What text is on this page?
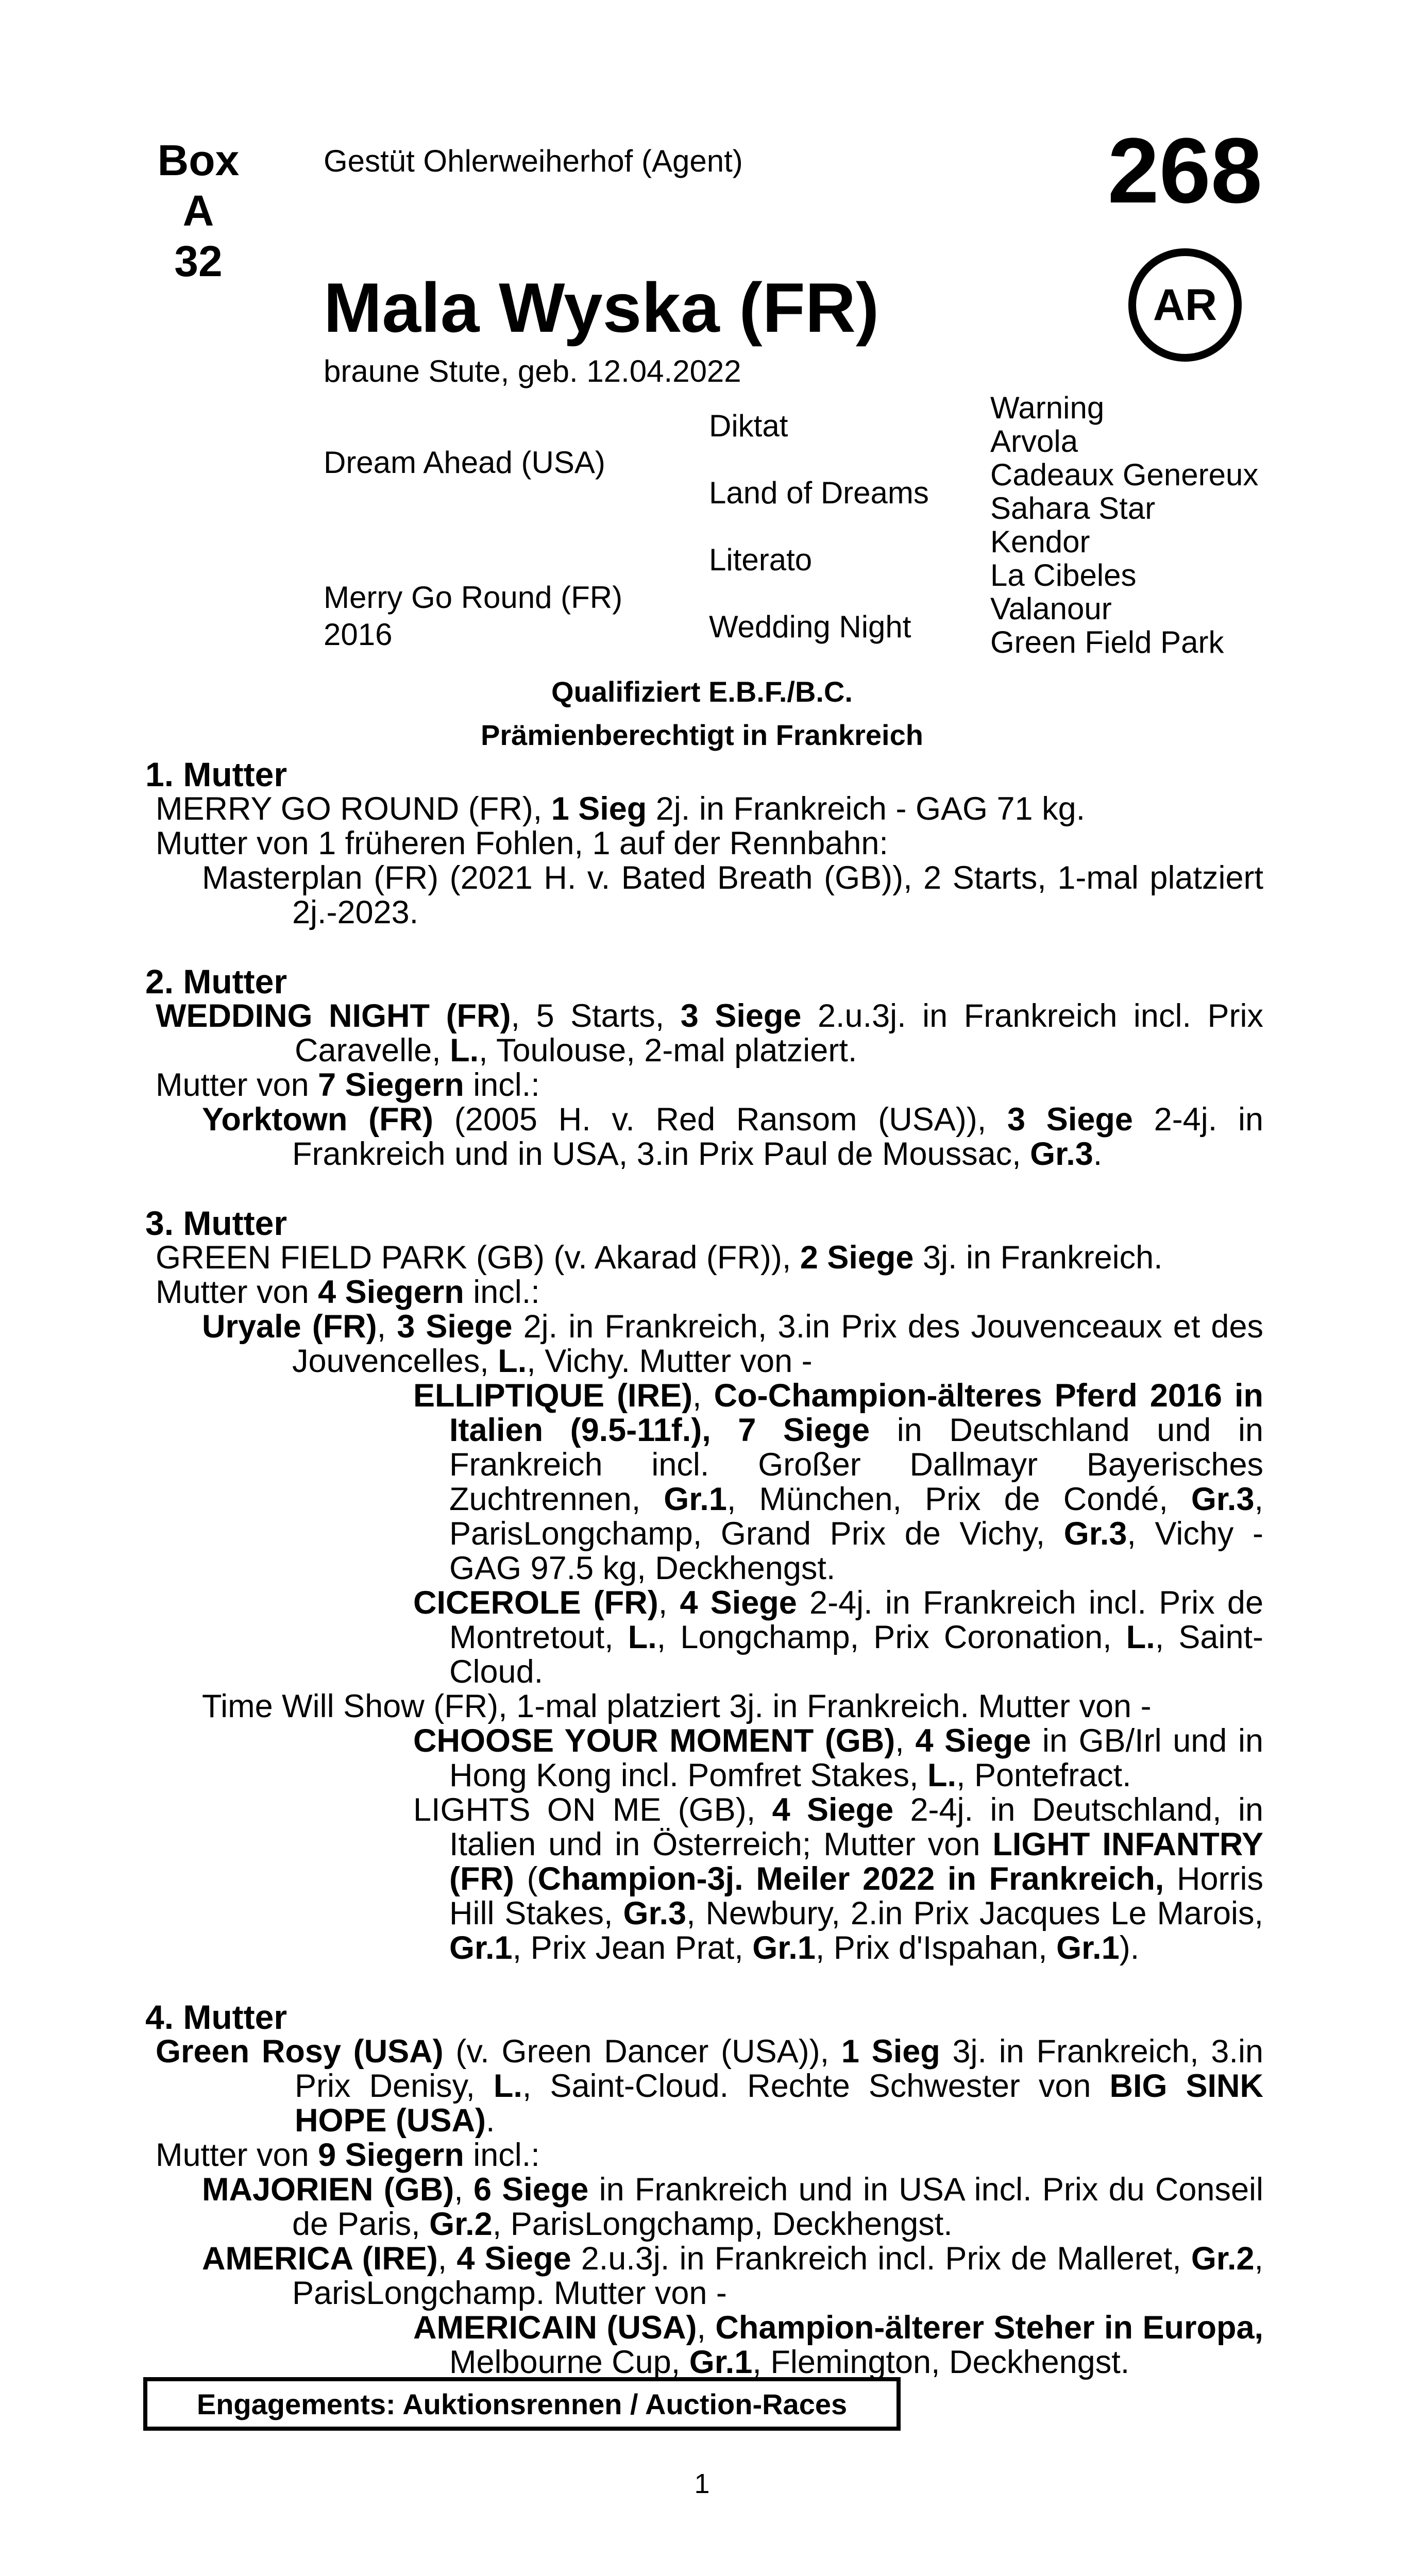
Box
A 32
Gestüt Ohlerweiherhof (Agent)	268
Mala Wyska (FR)	AR
braune Stute, geb. 12.04.2022
Dream Ahead (USA)
Merry Go Round (FR)
2016
Diktat
Land of Dreams
Literato
Wedding Night
Warning
Arvola
Cadeaux Genereux
Sahara Star
Kendor
La Cibeles
Valanour
Green Field Park
Qualifiziert E.B.F./B.C.
Prämienberechtigt in Frankreich
1. Mutter
MERRY GO ROUND (FR), 1 Sieg 2j. in Frankreich - GAG 71 kg.
Mutter von 1 früheren Fohlen, 1 auf der Rennbahn:
Masterplan (FR) (2021 H. v. Bated Breath (GB)), 2 Starts, 1-mal platziert 2j.-2023.
2. Mutter
WEDDING NIGHT (FR), 5 Starts, 3 Siege 2.u.3j. in Frankreich incl. Prix Caravelle, L., Toulouse, 2-mal platziert.
Mutter von 7 Siegern incl.:
Yorktown (FR) (2005 H. v. Red Ransom (USA)), 3 Siege 2-4j. in Frankreich und in USA, 3.in Prix Paul de Moussac, Gr.3.
3. Mutter
GREEN FIELD PARK (GB) (v. Akarad (FR)), 2 Siege 3j. in Frankreich.
Mutter von 4 Siegern incl.:
Uryale (FR), 3 Siege 2j. in Frankreich, 3.in Prix des Jouvenceaux et des Jouvencelles, L., Vichy. Mutter von -
ELLIPTIQUE (IRE), Co-Champion-älteres Pferd 2016 in Italien (9.5-11f.), 7 Siege in Deutschland und in Frankreich incl. Großer Dallmayr Bayerisches Zuchtrennen, Gr.1, München, Prix de Condé, Gr.3, ParisLongchamp, Grand Prix de Vichy, Gr.3, Vichy - GAG 97.5 kg, Deckhengst.
CICEROLE (FR), 4 Siege 2-4j. in Frankreich incl. Prix de Montretout, L., Longchamp, Prix Coronation, L., Saint-Cloud.
Time Will Show (FR), 1-mal platziert 3j. in Frankreich. Mutter von -
CHOOSE YOUR MOMENT (GB), 4 Siege in GB/Irl und in Hong Kong incl. Pomfret Stakes, L., Pontefract.
LIGHTS ON ME (GB), 4 Siege 2-4j. in Deutschland, in Italien und in Österreich; Mutter von LIGHT INFANTRY (FR) (Champion-3j. Meiler 2022 in Frankreich, Horris Hill Stakes, Gr.3, Newbury, 2.in Prix Jacques Le Marois, Gr.1, Prix Jean Prat, Gr.1, Prix d'Ispahan, Gr.1).
4. Mutter
Green Rosy (USA) (v. Green Dancer (USA)), 1 Sieg 3j. in Frankreich, 3.in Prix Denisy, L., Saint-Cloud. Rechte Schwester von BIG SINK HOPE (USA).
Mutter von 9 Siegern incl.:
MAJORIEN (GB), 6 Siege in Frankreich und in USA incl. Prix du Conseil de Paris, Gr.2, ParisLongchamp, Deckhengst.
AMERICA (IRE), 4 Siege 2.u.3j. in Frankreich incl. Prix de Malleret, Gr.2, ParisLongchamp. Mutter von -
AMERICAIN (USA), Champion-älterer Steher in Europa, Melbourne Cup, Gr.1, Flemington, Deckhengst.
Engagements: Auktionsrennen / Auction-Races
1
